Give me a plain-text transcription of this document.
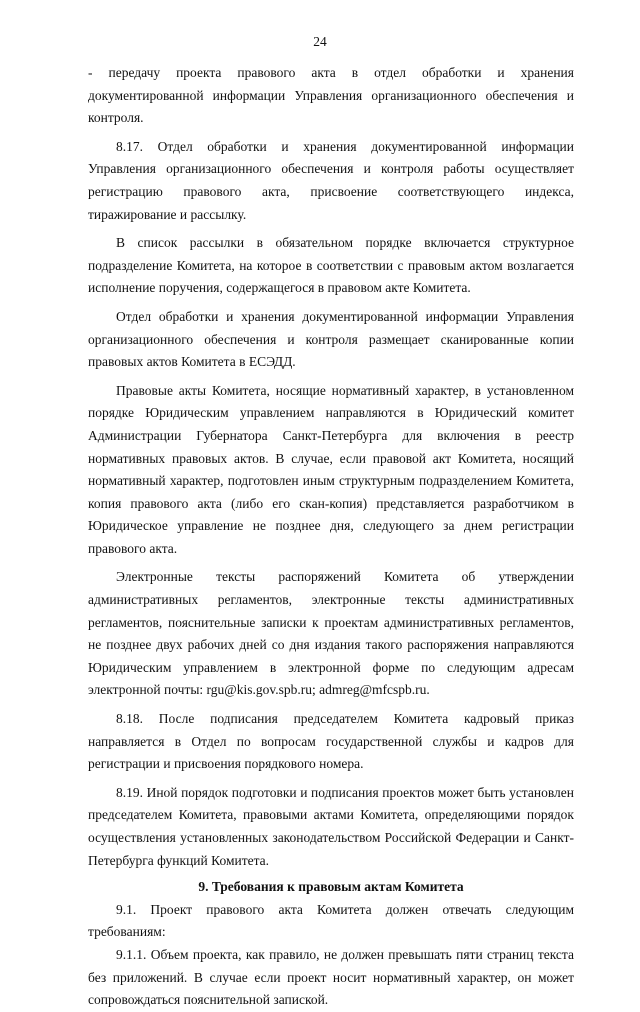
24

- передачу проекта правового акта в отдел обработки и хранения документированной информации Управления организационного обеспечения и контроля.

8.17. Отдел обработки и хранения документированной информации Управления организационного обеспечения и контроля работы осуществляет регистрацию правового акта, присвоение соответствующего индекса, тиражирование и рассылку.

В список рассылки в обязательном порядке включается структурное подразделение Комитета, на которое в соответствии с правовым актом возлагается исполнение поручения, содержащегося в правовом акте Комитета.

Отдел обработки и хранения документированной информации Управления организационного обеспечения и контроля размещает сканированные копии правовых актов Комитета в ЕСЭДД.

Правовые акты Комитета, носящие нормативный характер, в установленном порядке Юридическим управлением направляются в Юридический комитет Администрации Губернатора Санкт-Петербурга для включения в реестр нормативных правовых актов. В случае, если правовой акт Комитета, носящий нормативный характер, подготовлен иным структурным подразделением Комитета, копия правового акта (либо его скан-копия) представляется разработчиком в Юридическое управление не позднее дня, следующего за днем регистрации правового акта.

Электронные тексты распоряжений Комитета об утверждении административных регламентов, электронные тексты административных регламентов, пояснительные записки к проектам административных регламентов, не позднее двух рабочих дней со дня издания такого распоряжения направляются Юридическим управлением в электронной форме по следующим адресам электронной почты: rgu@kis.gov.spb.ru; admreg@mfcspb.ru.

8.18. После подписания председателем Комитета кадровый приказ направляется в Отдел по вопросам государственной службы и кадров для регистрации и присвоения порядкового номера.

8.19. Иной порядок подготовки и подписания проектов может быть установлен председателем Комитета, правовыми актами Комитета, определяющими порядок осуществления установленных законодательством Российской Федерации и Санкт-Петербурга функций Комитета.

9. Требования к правовым актам Комитета

9.1. Проект правового акта Комитета должен отвечать следующим требованиям:

9.1.1. Объем проекта, как правило, не должен превышать пяти страниц текста без приложений. В случае если проект носит нормативный характер, он может сопровождаться пояснительной запиской.
